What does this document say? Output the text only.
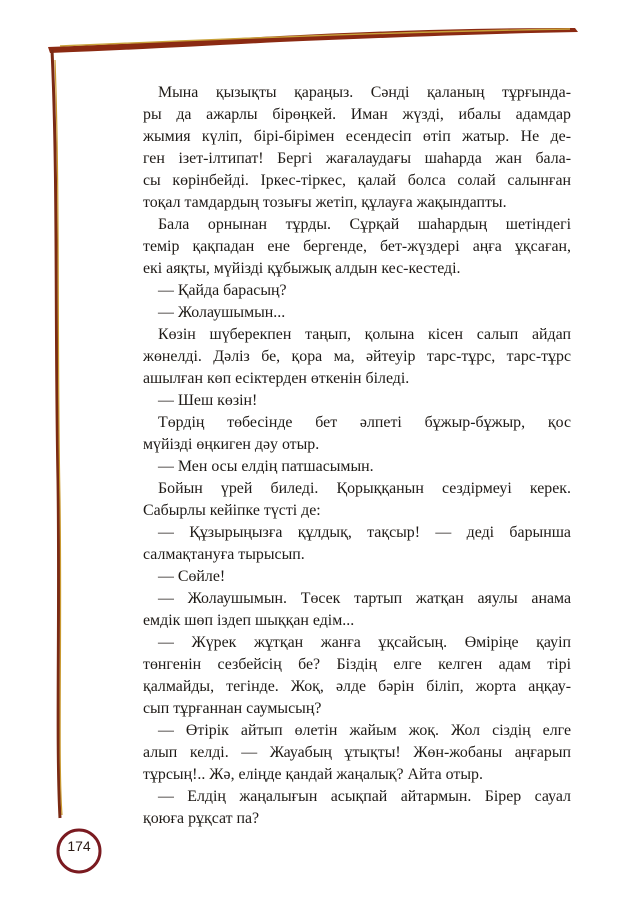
Мына қызықты қараңыз. Сәнді қаланың тұрғында-

ры да ажарлы бірөңкей. Иман жүзді, ибалы адамдар

жымия күліп, бірі-бірімен есендесіп өтіп жатыр. Не де-

ген ізет-ілтипат! Бергі жағалаудағы шаһарда жан бала-

сы көрінбейді. Іркес-тіркес, қалай болса солай салынған

тоқал тамдардың тозығы жетіп, құлауға жақындапты.

Бала орнынан тұрды. Сұрқай шаһардың шетіндегі

темір қақпадан ене бергенде, бет-жүздері аңға ұқсаған,

екі аяқты, мүйізді құбыжық алдын кес-кестеді.

— Қайда барасың?

— Жолаушымын...

Көзін шүберекпен таңып, қолына кісен салып айдап

жөнелді. Дәліз бе, қора ма, әйтеуір тарс-тұрс, тарс-тұрс

ашылған көп есіктерден өткенін біледі.

— Шеш көзін!

Төрдің төбесінде бет әлпеті бұжыр-бұжыр, қос

мүйізді өңкиген дәу отыр.

— Мен осы елдің патшасымын.

Бойын үрей биледі. Қорыққанын сездірмеуі керек.

Сабырлы кейіпке түсті де:

— Құзырыңызға құлдық, тақсыр! — деді барынша

салмақтануға тырысып.

— Сөйле!

— Жолаушымын. Төсек тартып жатқан аяулы анама

емдік шөп іздеп шыққан едім...

— Жүрек жұтқан жанға ұқсайсың. Өміріңе қауіп

төнгенін сезбейсің бе? Біздің елге келген адам тірі

қалмайды, тегінде. Жоқ, әлде бәрін біліп, жорта аңқау-

сып тұрғаннан саумысың?

— Өтірік айтып өлетін жайым жоқ. Жол сіздің елге

алып келді. — Жауабың ұтықты! Жөн-жобаны аңғарып

тұрсың!.. Жә, еліңде қандай жаңалық? Айта отыр.

— Елдің жаңалығын асықпай айтармын. Бірер сауал

қоюға рұқсат па?

174
